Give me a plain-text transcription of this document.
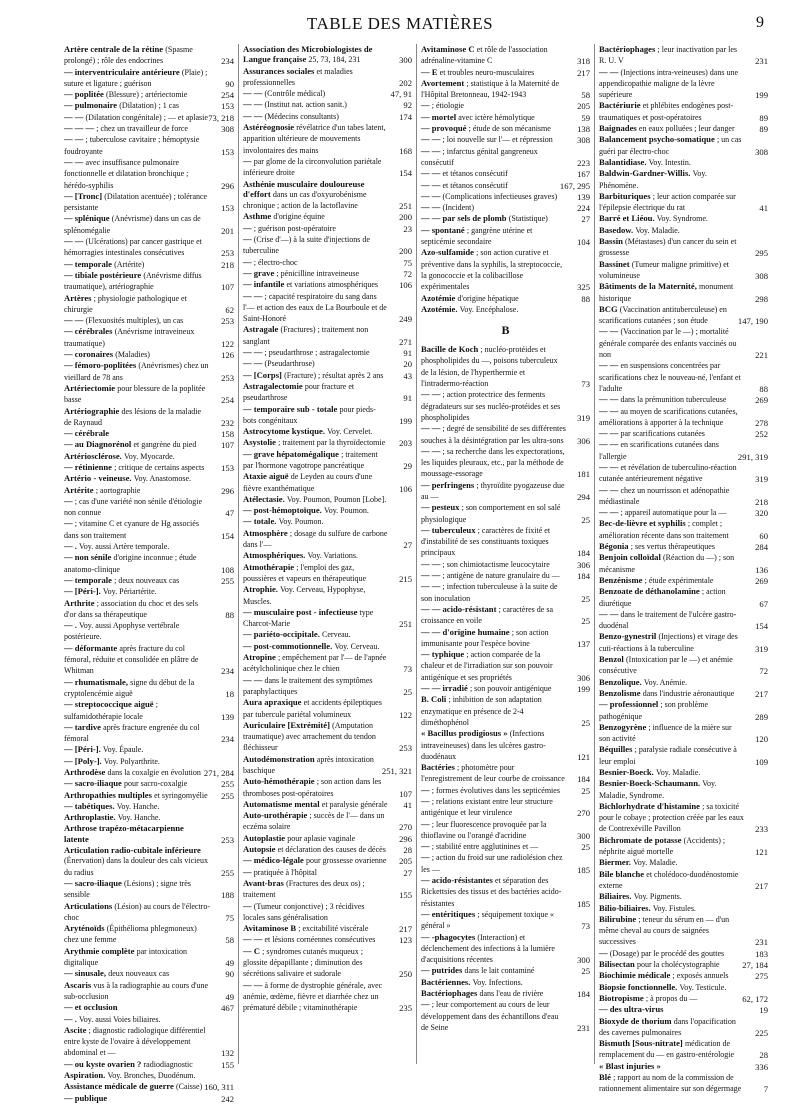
TABLE DES MATIÈRES	9

Artère centrale de la rétine (Spasme prolongé) ; rôle des endocrines	234

— interventriculaire antérieure (Plaie) ; suture et ligature ; guérison	90

— poplitée (Blessure) ; artériectomie	254

— pulmonaire (Dilatation) ; 1 cas	153

— — (Dilatation congénitale) ; — et aplasie 73, 218

— — — ; chez un travailleur de force	308

— — ; tuberculose cavitaire ; hémoptysie foudroyante	153

— — avec insuffisance pulmonaire fonctionnelle et dilatation bronchique ; hérédo-syphilis	296

— [Tronc] (Dilatation acentuée) ; tolérance persistante	153

— splénique (Anévrisme) dans un cas de splénomégalie	201

— — (Ulcérations) par cancer gastrique et hémorragies intestinales consécutives	253

— temporale (Artérite)	218

— tibiale postérieure (Anévrisme diffus traumatique), artériographie	107

Artères ; physiologie pathologique et chirurgie	62

— — (Flexuosités multiples), un cas	253

— cérébrales (Anévrisme intraveineux traumatique)	122

— coronaires (Maladies)	126

— fémoro-poplitées (Anévrismes) chez un vieillard de 78 ans	253

Artériectomie pour blessure de la poplitée basse	254

Artériographie des lésions de la maladie de Raynaud	232

— cérébrale	158

— au Diagnorénol et gangrène du pied	107

Artériosclérose. Voy. Myocarde.

— rétinienne ; critique de certains aspects 153

Artério - veineuse. Voy. Anastomose.

Artérite ; aortographie	296

— ; cas d'une variété non sénile d'étiologie non connue	47

— ; vitamine C et cyanure de Hg associés dans son traitement	154

— . Voy. aussi Artère temporale.

— non sénile d'origine inconnue ; étude anatomo-clinique	108

— temporale ; deux nouveaux cas	255

— [Péri-]. Voy. Périartérite.

Arthrite ; association du choc et des sels d'or dans sa thérapeutique	88

— . Voy. aussi Apophyse vertébrale postérieure.

— déformante après fracture du col fémoral, réduite et consolidée en plâtre de Whitman	234

— rhumatismale, signe du début de la cryptolencémie aiguë	18

— streptococcique aiguë ; sulfamidothérapie locale	139

— tardive après fracture engrenée du col fémoral	234

— [Péri-]. Voy. Épaule.

— [Poly-]. Voy. Polyarthrite.

Arthrodèse dans la coxalgie en évolution 271, 284

— sacro-iliaque pour sacro-coxalgie	255

Arthropathies multiples et syringomyélie 255

— tabétiques. Voy. Hanche.

Arthroplastie. Voy. Hanche.

Arthrose trapézo-métacarpienne latente	253

Articulation radio-cubitale inférieure (Énervation) dans la douleur des cals vicieux du radius	255

— sacro-iliaque (Lésions) ; signe très sensible	188

Articulations (Lésion) au cours de l'électro-choc	75

Aryténoïds (Épithélioma phlegmoneux) chez une femme	58

Arythmie complète par intoxication digitalique	49

— sinusale, deux nouveaux cas	90

Ascaris vus à la radiographie au cours d'une sub-occlusion	49

— et occlusion	467

— . Voy. aussi Voies biliaires.

Ascite ; diagnostic radiologique différentiel entre kyste de l'ovaire à développement abdominal et —	132

— ou kyste ovarien ? radiodiagnostic	155

Aspiration. Voy. Bronches, Duodénum.

Assistance médicale de guerre (Caisse) 160, 311

— publique	242

Association des Microbiologistes de Langue française 25, 73, 184, 231	300

Assurances sociales et maladies professionnelles	202

— — (Contrôle médical)	47, 91

— — (Institut nat. action sanit.)	92

— — (Médecins consultants)	174

Astéréognosie révélatrice d'un tabes latent, apparition ultérieure de mouvements involontaires des mains	168

— par glome de la circonvolution pariétale inférieure droite	154

Asthénie musculaire douloureuse d'effort dans un cas d'oxyurobénisme chronique ; action de la lactoflavine	251

Asthme d'origine équine	200

— ; guérison post-opératoire	23

— (Crise d'—) à la suite d'injections de tuberculine	200

— ; électro-choc	75

— grave ; pénicilline intraveineuse	72

— infantile et variations atmosphériques 106

— — ; capacité respiratoire du sang dans l'— et action des eaux de La Bourboule et de Saint-Honoré	249

Astragale (Fractures) ; traitement non sanglant	271

— — ; pseudarthrose ; astragalectomie	91

— — (Pseudarthrose)	20

— [Corps] (Fracture) ; résultat après 2 ans 43

Astragalectomie pour fracture et pseudarthrose	91

— temporaire sub - totale pour pieds-bots congénitaux	199

Astrocytome kystique. Voy. Cervelet.

Asystolie ; traitement par la thyroïdectomie 203

— grave hépatomégalique ; traitement par l'hormone vagotrope pancréatique	29

Ataxie aiguë de Leyden au cours d'une fièvre exanthématique	106

Atélectasie. Voy. Poumon, Poumon [Lobe].

— post-hémoptoïque. Voy. Poumon.

— totale. Voy. Poumon.

Atmosphère ; dosage du sulfure de carbone dans l'—	27

Atmosphériques. Voy. Variations.

Atmothérapie ; l'emploi des gaz, poussières et vapeurs en thérapeutique	215

Atrophie. Voy. Cerveau, Hypophyse, Muscles.

— musculaire post - infectieuse type Charcot-Marie	251

— pariéto-occipitale. Cerveau.

— post-commotionnelle. Voy. Cerveau.

Atropine ; empêchement par l'— de l'apnée acétylcholinique chez le chien	73

— — dans le traitement des symptômes paraphylactiques	25

Aura apraxique et accidents épileptiques par tubercule pariétal volumineux	122

Auriculaire [Extrémité] (Amputation traumatique) avec arrachement du tendon fléchisseur	253

Autodémonstration après intoxication baschique	251, 321

Auto-hémothérapie ; son action dans les thromboses post-opératoires	107

Automatisme mental et paralysie générale 41

Auto-urothérapie ; succès de l'— dans un eczéma solaire	270

Autoplastie pour aplasie vaginale	296

Autopsie et déclaration des causes de décès 28

— médico-légale pour grossesse ovarienne 205

— pratiquée à l'hôpital	27

Avant-bras (Fractures des deux os) ; traitement	155

— (Tumeur conjonctive) ; 3 récidives locales sans généralisation

Avitaminose B ; excitabilité viscérale	217

— — et lésions cornéennes consécutives	123

— C ; syndromes cutanés muqueux ; glossite dépapillante ; diminution des sécrétions salivaire et sudorale	250

— — à forme de dystrophie générale, avec anémie, œdème, fièvre et diarrhée chez un prématuré débile ; vitaminothérapie	235

Avitaminose C et rôle de l'association adrénaline-vitamine C	318

— E et troubles neuro-musculaires	217

Avortement ; statistique à la Maternité de l'Hôpital Bretonneau, 1942-1943	58

— ; étiologie	205

— mortel avec ictère hémolytique	59

— provoqué ; étude de son mécanisme	138

— — ; loi nouvelle sur l'— et répression	308

— — ; infarctus génital gangreneux consécutif	223

— — et tétanos consécutif	167

— — et tétanos consécutif	167, 295

— — (Complications infectieuses graves) 139

— — (Incident)	224

— — par sels de plomb (Statistique)	27

— spontané ; gangrène utérine et septicémie secondaire	104

Azo-sulfamide ; son action curative et préventive dans la syphilis, la streptococcie, la gonococcie et la colibacillose expérimentales	325

Azotémie d'origine hépatique	88

Azotémie. Voy. Encéphalose.

B

Bacille de Koch ; nucléo-protéides et phospholipides du —, poisons tuberculeux de la lésion, de l'hyperthermie et l'intradermo-réaction	73

— — ; action protectrice des ferments dégradateurs sur ses nucléo-protéides et ses phospholipides	319

— — ; degré de sensibilité de ses différentes souches à la désintégration par les ultra-sons 306

— — ; sa recherche dans les expectorations, les liquides pleuraux, etc., par la méthode de moussage-essorage	181

— perfringens ; thyroïdite pyogazeuse due au —	294

— pesteux ; son comportement en sol salé physiologique	25

— tuberculeux ; caractères de fixité et d'instabilité de ses constituants toxiques principaux	184

— — ; son chimiotactisme leucocytaire	306

— — ; antigène de nature granulaire du — 184

— — ; infection tuberculeuse à la suite de son inoculation	25

— — acido-résistant ; caractères de sa croissance en voile	25

— — d'origine humaine ; son action immunisante pour l'espèce bovine	137

— typhique ; action comparée de la chaleur et de l'irradiation sur son pouvoir antigénique et ses propriétés	306

— — irradié ; son pouvoir antigénique	199

B. Coli ; inhibition de son adaptation enzymatique en présence de 2-4 diméthophénol	25

« Bacillus prodigiosus » (Infections intraveineuses) dans les ulcères gastro-duodénaux	121

Bactéries ; photomètre pour l'enregistrement de leur courbe de croissance 184

— ; formes évolutives dans les septicémies 25

— ; relations existant entre leur structure antigénique et leur virulence	270

— ; leur fluorescence provoquée par la thioflavine ou l'orangé d'acridine	300

— ; stabilité entre agglutinines et —	25

— ; action du froid sur une radiolésion chez les —	185

— acido-résistantes et séparation des Rickettsies des tissus et des bactéries acido-résistantes	185

— entéritiques ; séquipement toxique « général »	73

— -phagocytes (Interaction) et déclenchement des infections à la lumière d'acquisitions récentes	300

— putrides dans le lait contaminé	25

Bactériennes. Voy. Infections.

Bactériophages dans l'eau de rivière	184

— ; leur comportement au cours de leur développement dans des échantillons d'eau de Seine	231

Bactériophages ; leur inactivation par les R. U. V	231

— — (Injections intra-veineuses) dans une appendicopathie maligne de la lèvre supérieure	199

Bactériurie et phlébites endogènes post-traumatiques et post-opératoires	89

Baignades en eaux polluées ; leur danger	89

Balancement psycho-somatique ; un cas guéri par électro-choc	308

Balantidiase. Voy. Intestin.

Baldwin-Gardner-Willis. Voy. Phénomène.

Barbituriques ; leur action comparée sur l'épilepsie électrique du rat	41

Barré et Liéou. Voy. Syndrome.

Basedow. Voy. Maladie.

Bassin (Métastases) d'un cancer du sein et grossesse	295

Bassinet (Tumeur maligne primitive) et volumineuse	308

Bâtiments de la Maternité, monument historique	298

BCG (Vaccination antituberculeuse) en scarifications cutanées ; son étude	147, 190

— — (Vaccination par le —) ; mortalité générale comparée des enfants vaccinés ou non	221

— — en suspensions concentrées par scarifications chez le nouveau-né, l'enfant et l'adulte	88

— — dans la prémunition tuberculeuse	269

— — au moyen de scarifications cutanées, améliorations à apporter à la technique	278

— — par scarifications cutanées	252

— — en scarifications cutanées dans l'allergie	291, 319

— — et révélation de tuberculino-réaction cutanée antérieurement négative	319

— — chez un nourrisson et adénopathie médiastinale	218

— — ; appareil automatique pour la —	320

Bec-de-lièvre et syphilis ; complet ; amélioration récente dans son traitement	60

Bégonia ; ses vertus thérapeutiques	284

Benjoin colloïdal (Réaction du —) ; son mécanisme	136

Benzénisme ; étude expérimentale	269

Benzoate de déthanolamine ; action diurétique	67

— — dans le traitement de l'ulcère gastro-duodénal	154

Benzo-gynestril (Injections) et virage des cuti-réactions à la tuberculine	319

Benzol (Intoxication par le —) et anémie consécutive	72

Benzolique. Voy. Anémie.

Benzolisme dans l'industrie aéronautique 217

— professionnel ; son problème pathogénique	289

Benzogyrène ; influence de la mière sur son activité	120

Béquilles ; paralysie radiale consécutive à leur emploi	109

Besnier-Boeck. Voy. Maladie.

Besnier-Boeck-Schaumann. Voy. Maladie, Syndrome.

Bichlorhydrate d'histamine ; sa toxicité pour le cobaye ; protection créée par les eaux de Contrexéville Pavillon	233

Bichromate de potasse (Accidents) ; néphrite aiguë mortelle	121

Biermer. Voy. Maladie.

Bile blanche et cholédoco-duodénostomie externe	217

Biliaires. Voy. Pigments.

Bilio-biliaires. Voy. Fistules.

Bilirubine ; teneur du sérum en — d'un même cheval au cours de saignées successives	231

— (Dosage) par le procédé des gouttes	183

Bilisectan pour la cholécystographie	27, 184

Biochimie médicale ; exposés annuels	275

Biopsie fonctionnelle. Voy. Testicule.

Biotropisme ; à propos du —	62, 172

— des ultra-virus	19

Bioxyde de thorium dans l'opacification des cavernes pulmonaires	225

Bismuth [Sous-nitrate] médication de remplacement du — en gastro-entérologie	28

« Blast injuries »	336

Blé ; rapport au nom de la commission de rationnement alimentaire sur son dégermage	7
